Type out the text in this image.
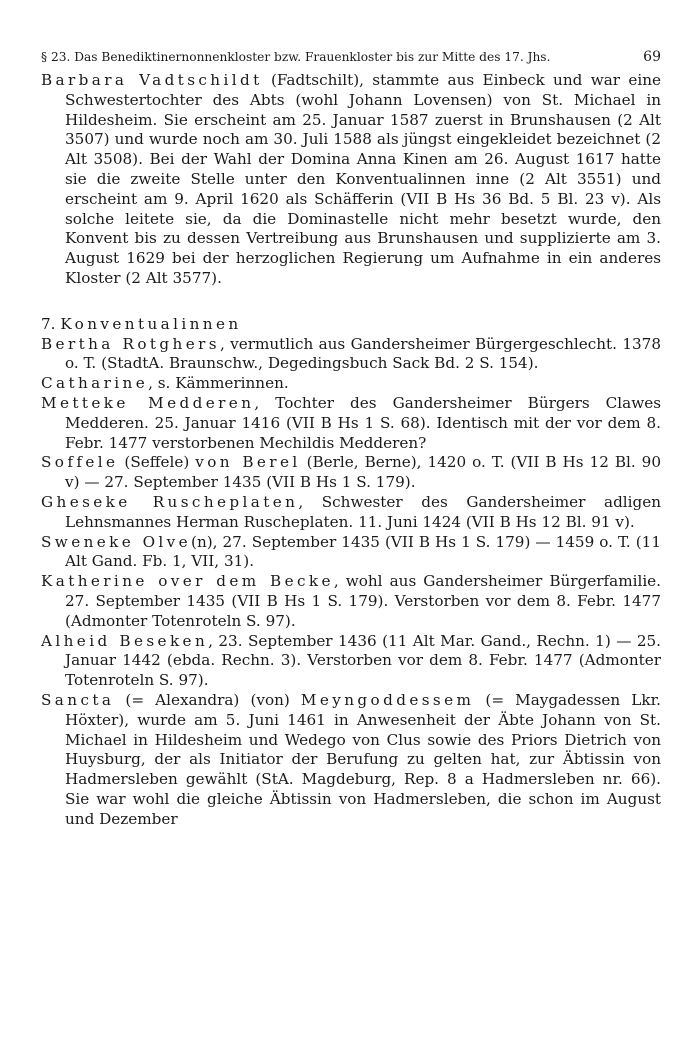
§ 23. Das Benediktinernonnenkloster bzw. Frauenkloster bis zur Mitte des 17. Jhs.	69

Barbara Vadtschildt (Fadtschilt), stammte aus Einbeck und war eine Schwestertochter des Abts (wohl Johann Lovensen) von St. Michael in Hildesheim. Sie erscheint am 25. Januar 1587 zuerst in Brunshausen (2 Alt 3507) und wurde noch am 30. Juli 1588 als jüngst eingekleidet bezeichnet (2 Alt 3508). Bei der Wahl der Domina Anna Kinen am 26. August 1617 hatte sie die zweite Stelle unter den Konventualinnen inne (2 Alt 3551) und erscheint am 9. April 1620 als Schäfferin (VII B Hs 36 Bd. 5 Bl. 23 v). Als solche leitete sie, da die Dominastelle nicht mehr besetzt wurde, den Konvent bis zu dessen Vertreibung aus Brunshausen und supplizierte am 3. August 1629 bei der herzoglichen Regierung um Aufnahme in ein anderes Kloster (2 Alt 3577).

7. Konventualinnen

Bertha Rotghers, vermutlich aus Gandersheimer Bürgergeschlecht. 1378 o. T. (StadtA. Braunschw., Degedingsbuch Sack Bd. 2 S. 154).

Catharine, s. Kämmerinnen.

Metteke Medderen, Tochter des Gandersheimer Bürgers Clawes Medderen. 25. Januar 1416 (VII B Hs 1 S. 68). Identisch mit der vor dem 8. Febr. 1477 verstorbenen Mechildis Medderen?

Soffele (Seffele) von Berel (Berle, Berne), 1420 o. T. (VII B Hs 12 Bl. 90 v) — 27. September 1435 (VII B Hs 1 S. 179).

Gheseke Ruscheplaten, Schwester des Gandersheimer adligen Lehnsmannes Herman Ruscheplaten. 11. Juni 1424 (VII B Hs 12 Bl. 91 v).

Sweneke Olve(n), 27. September 1435 (VII B Hs 1 S. 179) — 1459 o. T. (11 Alt Gand. Fb. 1, VII, 31).

Katherine over dem Becke, wohl aus Gandersheimer Bürgerfamilie. 27. September 1435 (VII B Hs 1 S. 179). Verstorben vor dem 8. Febr. 1477 (Admonter Totenroteln S. 97).

Alheid Beseken, 23. September 1436 (11 Alt Mar. Gand., Rechn. 1) — 25. Januar 1442 (ebda. Rechn. 3). Verstorben vor dem 8. Febr. 1477 (Admonter Totenroteln S. 97).

Sancta (= Alexandra) (von) Meyngoddessem (= Maygadessen Lkr. Höxter), wurde am 5. Juni 1461 in Anwesenheit der Äbte Johann von St. Michael in Hildesheim und Wedego von Clus sowie des Priors Dietrich von Huysburg, der als Initiator der Berufung zu gelten hat, zur Äbtissin von Hadmersleben gewählt (StA. Magdeburg, Rep. 8 a Hadmersleben nr. 66). Sie war wohl die gleiche Äbtissin von Hadmersleben, die schon im August und Dezember
